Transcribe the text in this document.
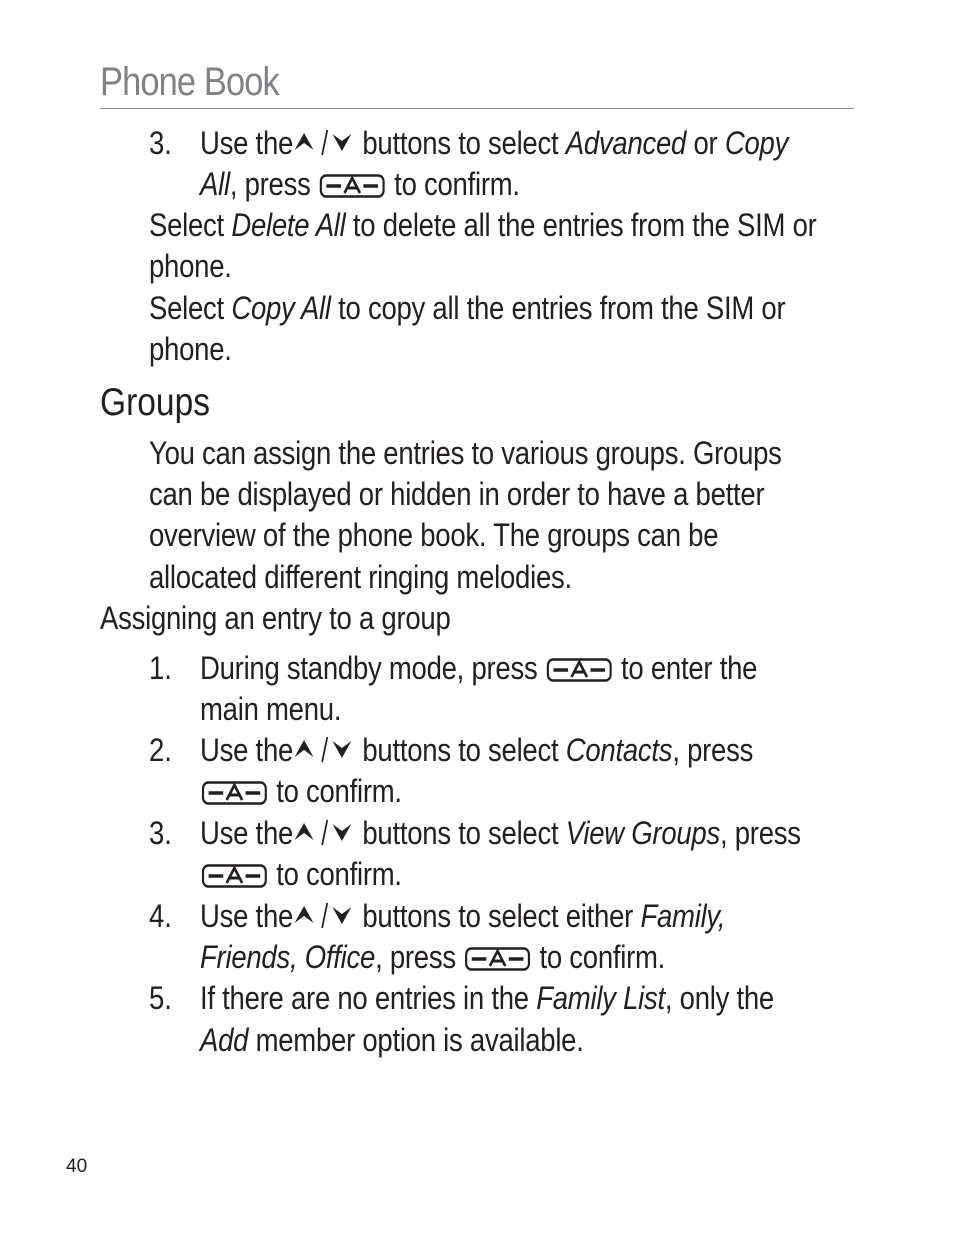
Phone Book
3. Use the buttons to select Advanced or Copy
All, press  to confirm.
Select Delete All to delete all the entries from the SIM or
phone.
Select Copy All to copy all the entries from the SIM or
phone.
Groups
You can assign the entries to various groups. Groups
can be displayed or hidden in order to have a better
overview of the phone book. The groups can be
allocated different ringing melodies.
Assigning an entry to a group
1. During standby mode, press  to enter the
main menu.
2. Use the buttons to select Contacts, press
to confirm.
3. Use the buttons to select View Groups, press
to confirm.
4. Use the buttons to select either Family,
Friends, Office, press  to confirm.
5. If there are no entries in the Family List, only the
Add member option is available.
40
